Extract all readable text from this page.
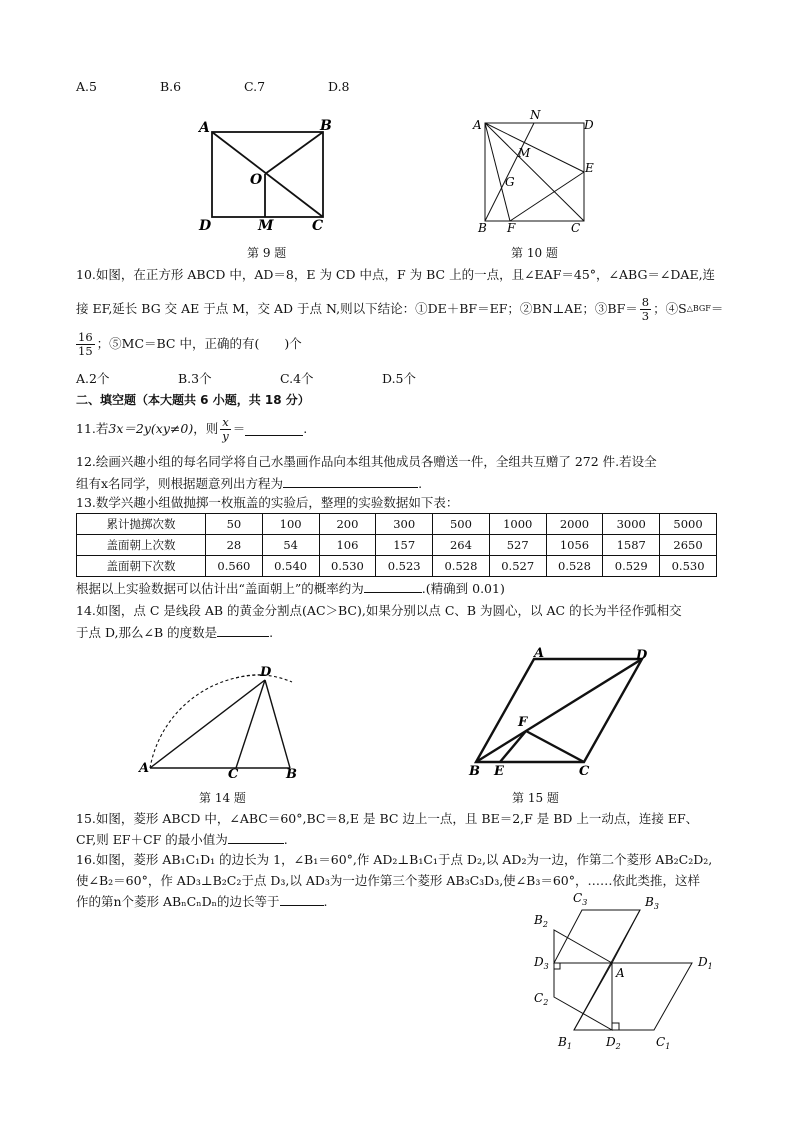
A.5	B.6	C.7	D.8
A	B
O
D	M	C
第 9 题
A
N
D
M
E
G
B F	C
第 10 题
10.如图，在正方形 ABCD 中，AD＝8，E 为 CD 中点，F 为 BC 上的一点，且∠EAF＝45°，∠ABG＝∠DAE,连
接 EF,延长 BG 交 AE 于点 M，交 AD 于点 N,则以下结论：①DE＋BF＝EF；②BN⊥AE；③BF＝ $\frac{8}{3}$ ；④S △BGF ＝
$\frac{16}{15}$ ；⑤MC＝BC 中，正确的有(　　)个
A.2个	B.3个	C.4个	D.5个
二、填空题（本大题共 6 小题，共 18 分）
11.若 3x＝2y(xy≠0) ，则 $\frac{x}{y}$ ＝	.
12.绘画兴趣小组的每名同学将自己水墨画作品向本组其他成员各赠送一件，全组共互赠了 272 件.若设全
组有x名同学，则根据题意列出方程为	.
13.数学兴趣小组做抛掷一枚瓶盖的实验后，整理的实验数据如下表：
累计抛掷次数	50	100	200	300	500	1000	2000	3000	5000
盖面朝上次数	28	54	106	157	264	527	1056	1587	2650
盖面朝下次数	0.560	0.540	0.530	0.523	0.528	0.527	0.528	0.529	0.530
根据以上实验数据可以估计出“盖面朝上”的概率约为	.(精确到 0.01)
14.如图，点 C 是线段 AB 的黄金分割点(AC＞BC),如果分别以点 C、B 为圆心，以 AC 的长为半径作弧相交
于点 D,那么∠B 的度数是	.
D
A	C	B
第 14 题
A	D
F
B E	C
第 15 题
15.如图，菱形 ABCD 中，∠ABC＝60°,BC＝8,E 是 BC 边上一点，且 BE＝2,F 是 BD 上一动点，连接 EF、
CF,则 EF＋CF 的最小值为	.
16.如图，菱形 AB₁C₁D₁ 的边长为 1，∠B₁＝60°,作 AD₂⊥B₁C₁于点 D₂,以 AD₂为一边，作第二个菱形 AB₂C₂D₂,
使∠B₂＝60°，作 AD₃⊥B₂C₂于点 D₃,以 AD₃为一边作第三个菱形 AB₃C₃D₃,使∠B₃＝60°，……依此类推，这样
作的第n个菱形 ABₙCₙDₙ的边长等于	.	$C_3$	$B_3$
$B_2$
$D_3$	A
$D_1$
$C_2$
$B_1$	$D_2$	$C_1$
